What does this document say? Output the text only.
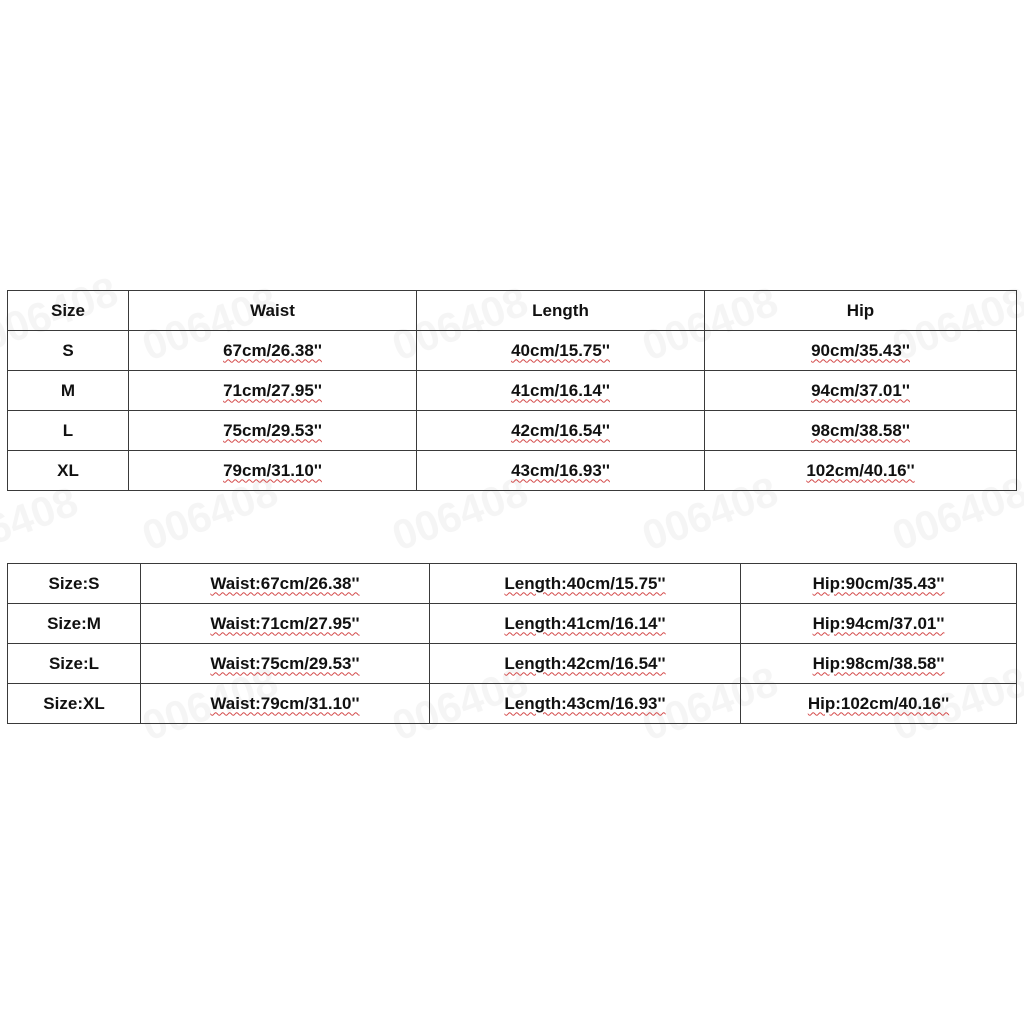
Size	Waist	Length	Hip
S	67cm/26.38''	40cm/15.75''	90cm/35.43''
M	71cm/27.95''	41cm/16.14''	94cm/37.01''
L	75cm/29.53''	42cm/16.54''	98cm/38.58''
XL	79cm/31.10''	43cm/16.93''	102cm/40.16''
Size:S	Waist:67cm/26.38''	Length:40cm/15.75''	Hip:90cm/35.43''
Size:M	Waist:71cm/27.95''	Length:41cm/16.14''	Hip:94cm/37.01''
Size:L	Waist:75cm/29.53''	Length:42cm/16.54''	Hip:98cm/38.58''
Size:XL	Waist:79cm/31.10''	Length:43cm/16.93''	Hip:102cm/40.16''
